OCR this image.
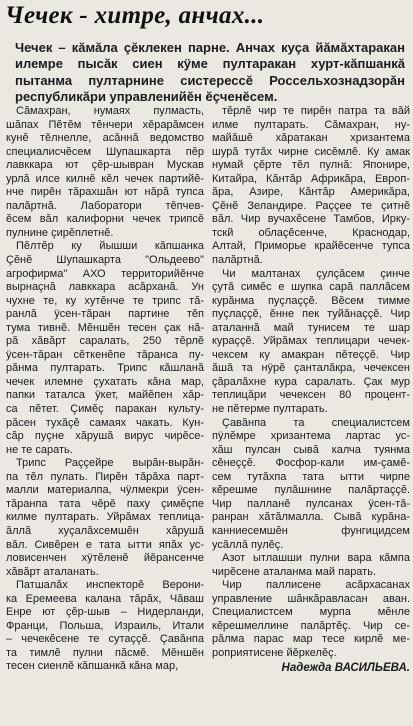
Чечек - хитре, анчах...
Чечек – кăмăла çĕклекен парне. Анчах куçа йăмăхтаракан
илемре пысăк сиен кÿме пултаракан хурт-кăпшанкă
пытанма пултарнине систерессĕ Россельхознадзорăн
республикăри управленийĕн ĕçченĕсем.
Сăмахран, нумаях пулмасть,
шăпах Пĕтĕм тĕнчери хĕрарăмсен
кунĕ тĕлнелле, асăннă ведомство
специалисчĕсем Шупашкарта пĕр
лавккара ют çĕр-шывран Мускав
урлă илсе килнĕ кĕл чечек партийĕ-
нче пирĕн тăрахшăн ют нăрă тупса
палăртнă. Лаборатори тĕпчев-
ĕсем вăл калифорни чечек трипсĕ
пулнине çирĕплетнĕ.
Пĕлтĕр ку йышши кăпшанка
Çĕнĕ Шупашкарта "Ольдеево"
агрофирма" АХО территорийĕнче
вырнаçнă лавккара асăрханă. Ун
чухне те, ку хутĕнче те трипс тă-
ранлă ÿсен-тăран партине тĕп
тума тивнĕ. Мĕншĕн тесен çак нă-
рă хăвăрт саралать, 250 тĕрлĕ
ÿсен-тăран сĕткенĕпе тăранса пу-
рăнма пултарать. Трипс кăшланă
чечек илемне çухатать кăна мар,
папки таталса ÿкет, майĕпен хăр-
са пĕтет. Çимĕç паракан культу-
рăсен тухăçĕ самаях чакать. Кун-
сăр пуçне хăрушă вирус чирĕсе-
не те сарать.
Трипс Раççейре вырăн-вырăн-
па тĕл пулать. Пирĕн тăрăха парт-
малли материалпа, чÿлмекри ÿсен-
тăранпа тата чĕрĕ паху çимĕçпе
килме пултарать. Уйрăмах теплица-
ăллă хуçалăхсемшĕн хăрушă
вăл. Сивĕрен е тата ытти япăх ус-
ловисенчен хÿтĕленĕ йĕрансенче
хăвăрт аталанать.
Патшалăх инспекторĕ Верони-
ка Еремеева калана тăрăх, Чăваш
Енре ют çĕр-шыв – Нидерланди,
Франци, Польша, Израиль, Итали
– чечекĕсене те сутаççĕ. Çавăнпа
та тимлĕ пулни пăсмĕ. Мĕншĕн
тесен сиенлĕ кăпшанкă кăна мар,
тĕрлĕ чир те пирĕн патра та вăй
илме пултарать. Сăмахран, ну-
майăшĕ хăратакан хризантема
шурă тутăх чирне сисĕмлĕ. Ку амак
нумай çĕрте тĕл пулнă: Японире,
Китайра, Кăнтăр Африкăра, Европ-
ăра, Азире, Кăнтăр Америкăра,
Çĕнĕ Зеландире. Раççее те çитнĕ
вăл. Чир вучахĕсене Тамбов, Ирку-
тскй облаçĕсенче, Краснодар,
Алтай, Приморье крайĕсенче тупса
палăртнă.
Чи малтанах çулçăсем çинче
çутă симĕс е шупка сарă паллăсем
курăнма пуçлаççĕ. Вĕсем тимме
пуçлаççĕ, ĕнне пек туйăнаççĕ. Чир
аталаннă май тунисем те шар
кураççĕ. Уйрăмах теплицари чечек-
чексем ку амакран пĕтеççĕ. Чир
ăшă та нÿрĕ çанталăкра, чечексен
çăралăхне кура саралать. Çак мур
теплицăри чечексен 80 процент-
не пĕтерме пултарать.
Çавăнпа та специалистсем
пÿлĕмре хризантема лартас ус-
хăш пулсан сывă калча туянма
сĕнеççĕ. Фосфор-кали им-çамĕ-
сем тутăхпа тата ытти чирпе
кĕрешме пулăшнине палăртаççĕ.
Чир палланĕ пулсанах ÿсен-тă-
ранран хăтăлмалла. Сывă курăна-
канниесемшĕн фунгицидсем
усăллă пулĕç.
Азот ытлашши пулни вара кăмпа
чирĕсене аталанма май парать.
Чир паллисене асăрхасанах
управление шăнкăравласан аван.
Специалистсем мурпа мĕнле
кĕрешмеллине палăртĕç. Чир се-
рăлма парас мар тесе кирлĕ ме-
роприятисене йĕркелĕç.
Надежда ВАСИЛЬЕВА.
